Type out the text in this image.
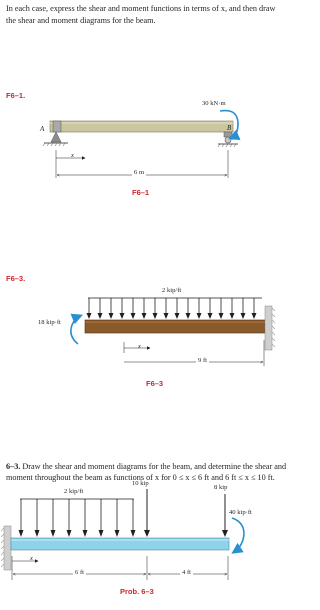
In each case, express the shear and moment functions in terms of x, and then draw the shear and moment diagrams for the beam.
F6–1.
30 kN·m
A	B
x
6 m
F6–1
F6–3.
2 kip/ft
18 kip·ft
x
9 ft
F6–3
6–3. Draw the shear and moment diagrams for the beam, and determine the shear and moment throughout the beam as functions of x for 0 ≤ x ≤ 6 ft and 6 ft ≤ x ≤ 10 ft.
2 kip/ft
10 kip
8 kip
40 kip·ft
x
6 ft	4 ft
Prob. 6–3
